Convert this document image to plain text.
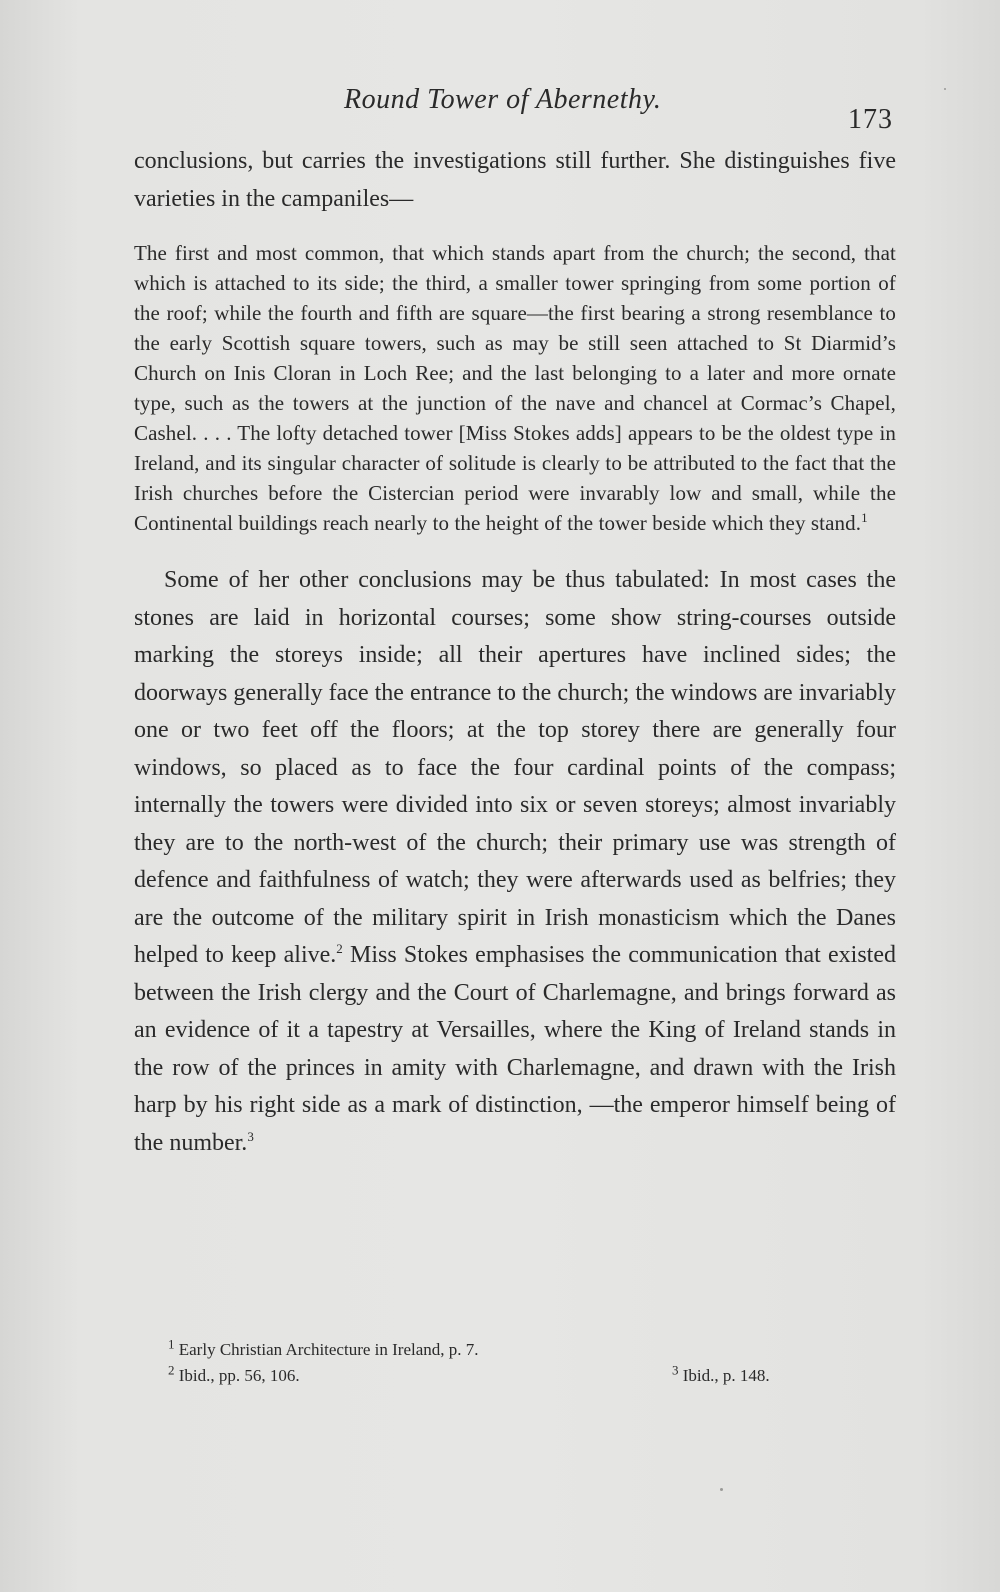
Round Tower of Abernethy.
173

conclusions, but carries the investigations still further. She distinguishes five varieties in the campaniles—

The first and most common, that which stands apart from the church; the second, that which is attached to its side; the third, a smaller tower springing from some portion of the roof; while the fourth and fifth are square—the first bearing a strong resemblance to the early Scottish square towers, such as may be still seen attached to St Diarmid’s Church on Inis Cloran in Loch Ree; and the last belonging to a later and more ornate type, such as the towers at the junction of the nave and chancel at Cormac’s Chapel, Cashel. . . . The lofty detached tower [Miss Stokes adds] appears to be the oldest type in Ireland, and its singular character of solitude is clearly to be attributed to the fact that the Irish churches before the Cistercian period were invarably low and small, while the Continental buildings reach nearly to the height of the tower beside which they stand.$^1$

Some of her other conclusions may be thus tabulated: In most cases the stones are laid in horizontal courses; some show string-courses outside marking the storeys inside; all their apertures have inclined sides; the doorways generally face the entrance to the church; the windows are invariably one or two feet off the floors; at the top storey there are generally four windows, so placed as to face the four cardinal points of the compass; internally the towers were divided into six or seven storeys; almost invariably they are to the north-west of the church; their primary use was strength of defence and faithfulness of watch; they were afterwards used as belfries; they are the outcome of the military spirit in Irish monasticism which the Danes helped to keep alive.$^2$ Miss Stokes emphasises the communication that existed between the Irish clergy and the Court of Charlemagne, and brings forward as an evidence of it a tapestry at Versailles, where the King of Ireland stands in the row of the princes in amity with Charlemagne, and drawn with the Irish harp by his right side as a mark of distinction, —the emperor himself being of the number.$^3$

$^1$ Early Christian Architecture in Ireland, p. 7.
$^2$ Ibid., pp. 56, 106.	$^3$ Ibid., p. 148.
